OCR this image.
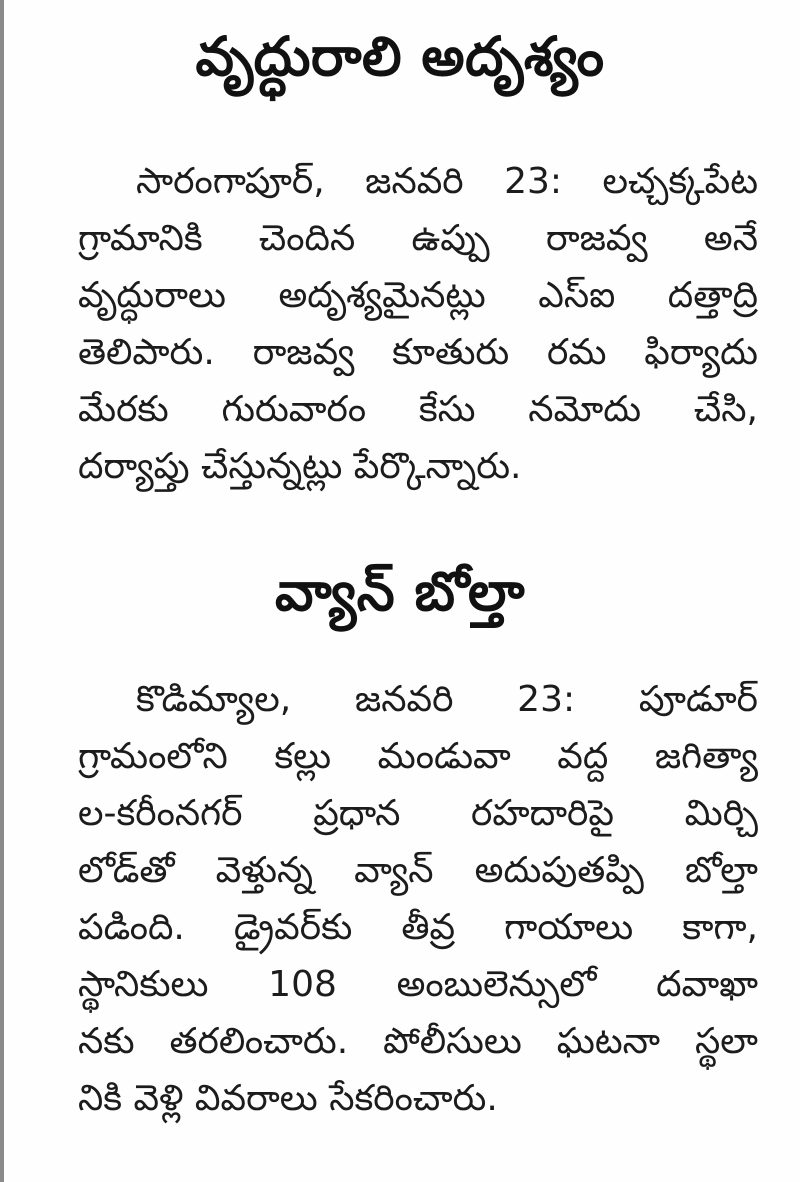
వృద్ధురాలి అదృశ్యం
సారంగాపూర్, జనవరి 23: లచ్చక్కపేట
గ్రామానికి చెందిన ఉప్పు రాజవ్వ అనే
వృద్ధురాలు అదృశ్యమైనట్లు ఎస్ఐ దత్తాద్రి
తెలిపారు. రాజవ్వ కూతురు రమ ఫిర్యాదు
మేరకు గురువారం కేసు నమోదు చేసి,
దర్యాప్తు చేస్తున్నట్లు పేర్కొన్నారు.
వ్యాన్ బోల్తా
కొడిమ్యాల, జనవరి 23: పూడూర్
గ్రామంలోని కల్లు మండువా వద్ద జగిత్యా
ల-కరీంనగర్ ప్రధాన రహదారిపై మిర్చి
లోడ్‌తో వెళ్తున్న వ్యాన్ అదుపుతప్పి బోల్తా
పడింది. డ్రైవర్‌కు తీవ్ర గాయాలు కాగా,
స్థానికులు 108 అంబులెన్సులో దవాఖా
నకు తరలించారు. పోలీసులు ఘటనా స్థలా
నికి వెళ్లి వివరాలు సేకరించారు.
